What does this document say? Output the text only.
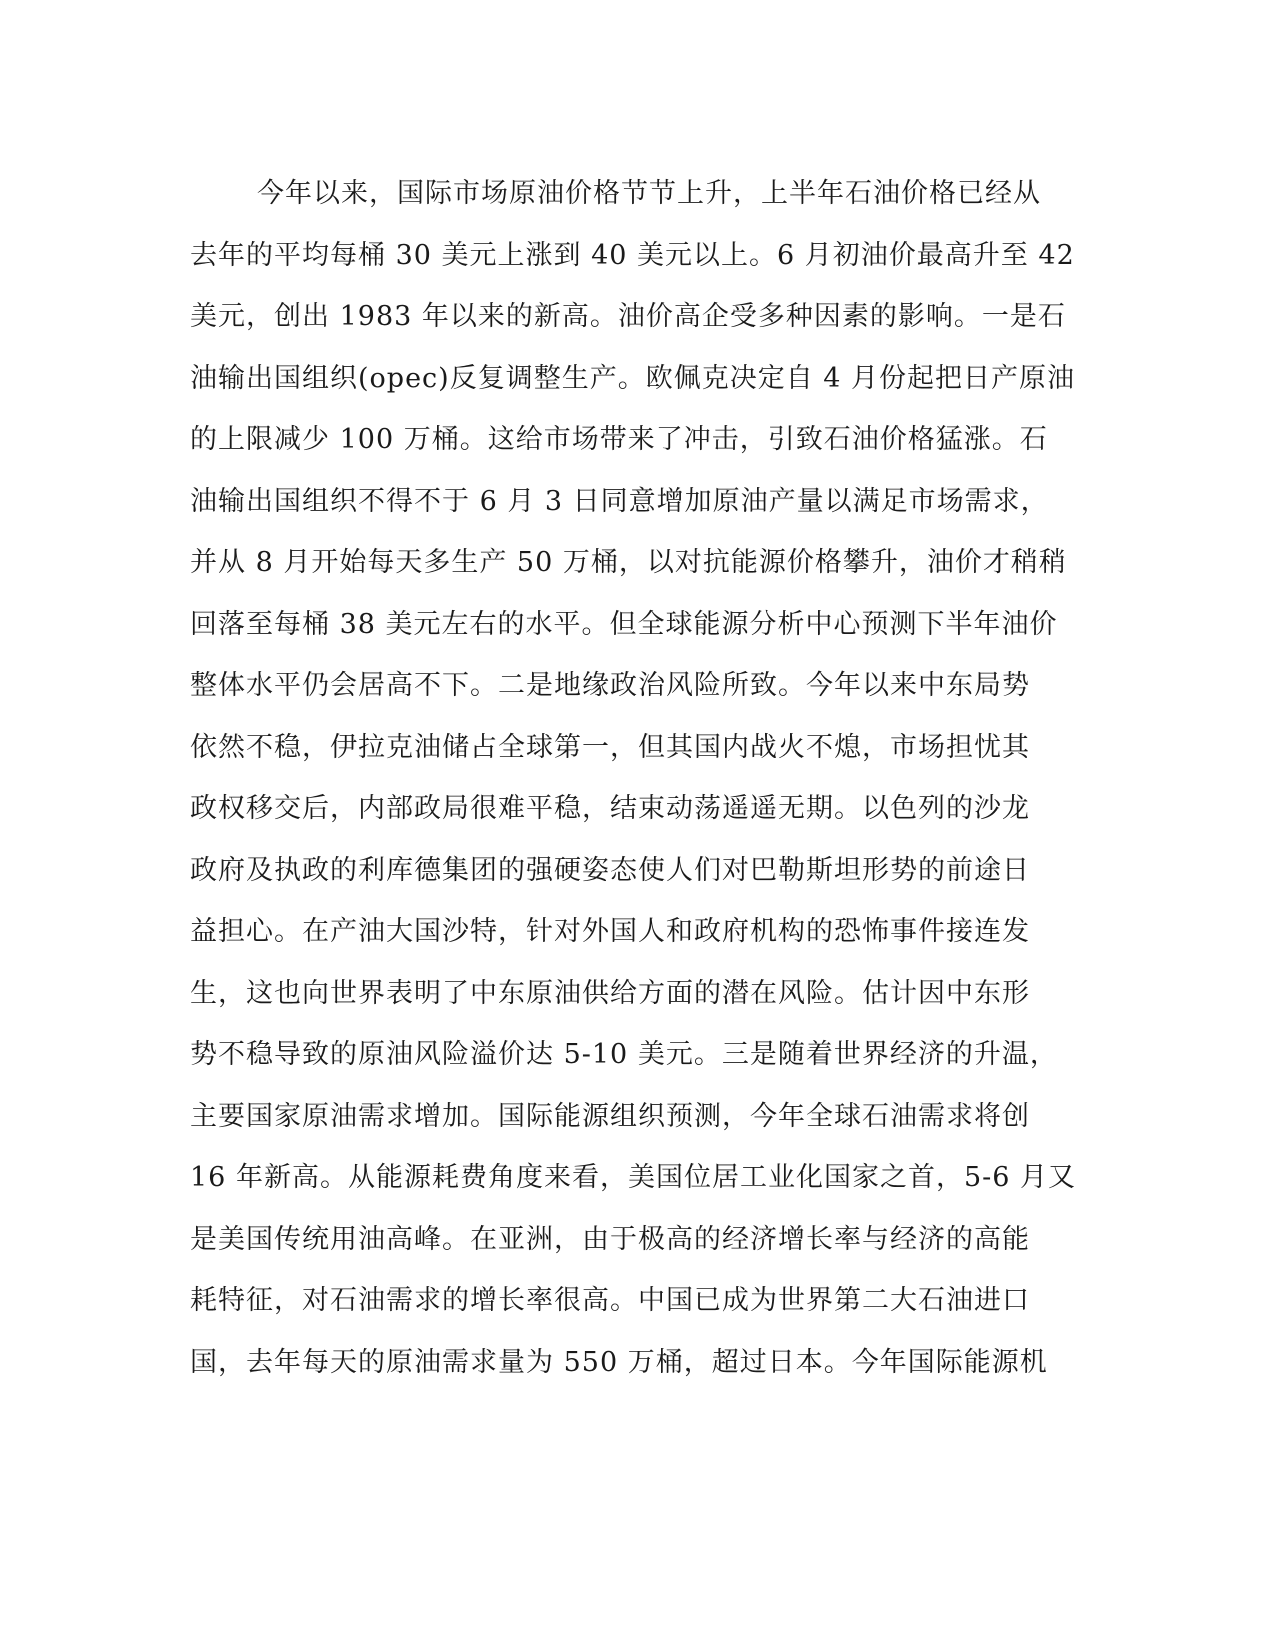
今年以来，国际市场原油价格节节上升，上半年石油价格已经从
去年的平均每桶 30 美元上涨到 40 美元以上。6 月初油价最高升至 42
美元，创出 1983 年以来的新高。油价高企受多种因素的影响。一是石
油输出国组织(opec)反复调整生产。欧佩克决定自 4 月份起把日产原油
的上限减少 100 万桶。这给市场带来了冲击，引致石油价格猛涨。石
油输出国组织不得不于 6 月 3 日同意增加原油产量以满足市场需求，
并从 8 月开始每天多生产 50 万桶，以对抗能源价格攀升，油价才稍稍
回落至每桶 38 美元左右的水平。但全球能源分析中心预测下半年油价
整体水平仍会居高不下。二是地缘政治风险所致。今年以来中东局势
依然不稳，伊拉克油储占全球第一，但其国内战火不熄，市场担忧其
政权移交后，内部政局很难平稳，结束动荡遥遥无期。以色列的沙龙
政府及执政的利库德集团的强硬姿态使人们对巴勒斯坦形势的前途日
益担心。在产油大国沙特，针对外国人和政府机构的恐怖事件接连发
生，这也向世界表明了中东原油供给方面的潜在风险。估计因中东形
势不稳导致的原油风险溢价达 5-10 美元。三是随着世界经济的升温，
主要国家原油需求增加。国际能源组织预测，今年全球石油需求将创
16 年新高。从能源耗费角度来看，美国位居工业化国家之首，5-6 月又
是美国传统用油高峰。在亚洲，由于极高的经济增长率与经济的高能
耗特征，对石油需求的增长率很高。中国已成为世界第二大石油进口
国，去年每天的原油需求量为 550 万桶，超过日本。今年国际能源机
